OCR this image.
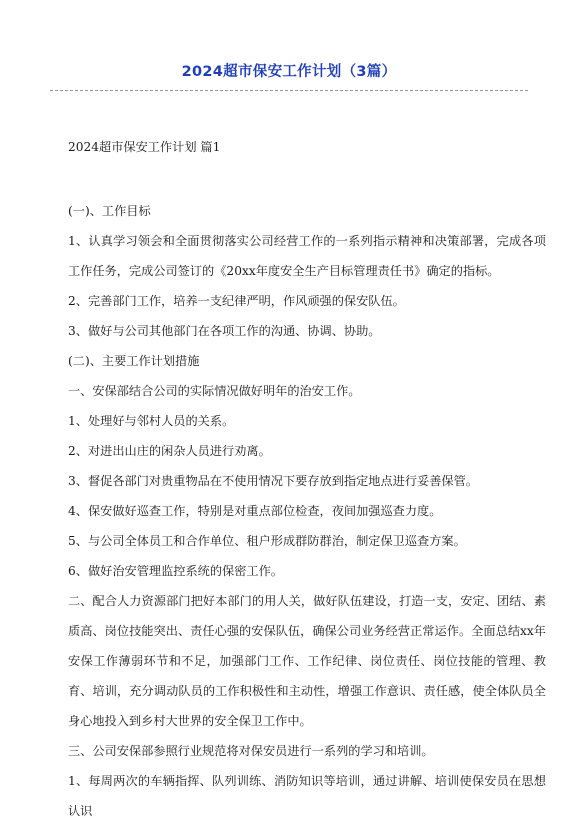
2024超市保安工作计划（3篇）

2024超市保安工作计划 篇1

(一)、工作目标

1、认真学习领会和全面贯彻落实公司经营工作的一系列指示精神和决策部署，完成各项工作任务，完成公司签订的《20xx年度安全生产目标管理责任书》确定的指标。

2、完善部门工作，培养一支纪律严明，作风顽强的保安队伍。

3、做好与公司其他部门在各项工作的沟通、协调、协助。

(二)、主要工作计划措施

一、安保部结合公司的实际情况做好明年的治安工作。

1、处理好与邻村人员的关系。

2、对进出山庄的闲杂人员进行劝离。

3、督促各部门对贵重物品在不使用情况下要存放到指定地点进行妥善保管。

4、保安做好巡查工作，特别是对重点部位检查，夜间加强巡查力度。

5、与公司全体员工和合作单位、租户形成群防群治，制定保卫巡查方案。

6、做好治安管理监控系统的保密工作。

二、配合人力资源部门把好本部门的用人关，做好队伍建设，打造一支，安定、团结、素质高、岗位技能突出、责任心强的安保队伍，确保公司业务经营正常运作。全面总结xx年安保工作薄弱环节和不足，加强部门工作、工作纪律、岗位责任、岗位技能的管理、教育、培训，充分调动队员的工作积极性和主动性，增强工作意识、责任感，使全体队员全身心地投入到乡村大世界的安全保卫工作中。

三、公司安保部参照行业规范将对保安员进行一系列的学习和培训。

1、每周两次的车辆指挥、队列训练、消防知识等培训，通过讲解、培训使保安员在思想认识
